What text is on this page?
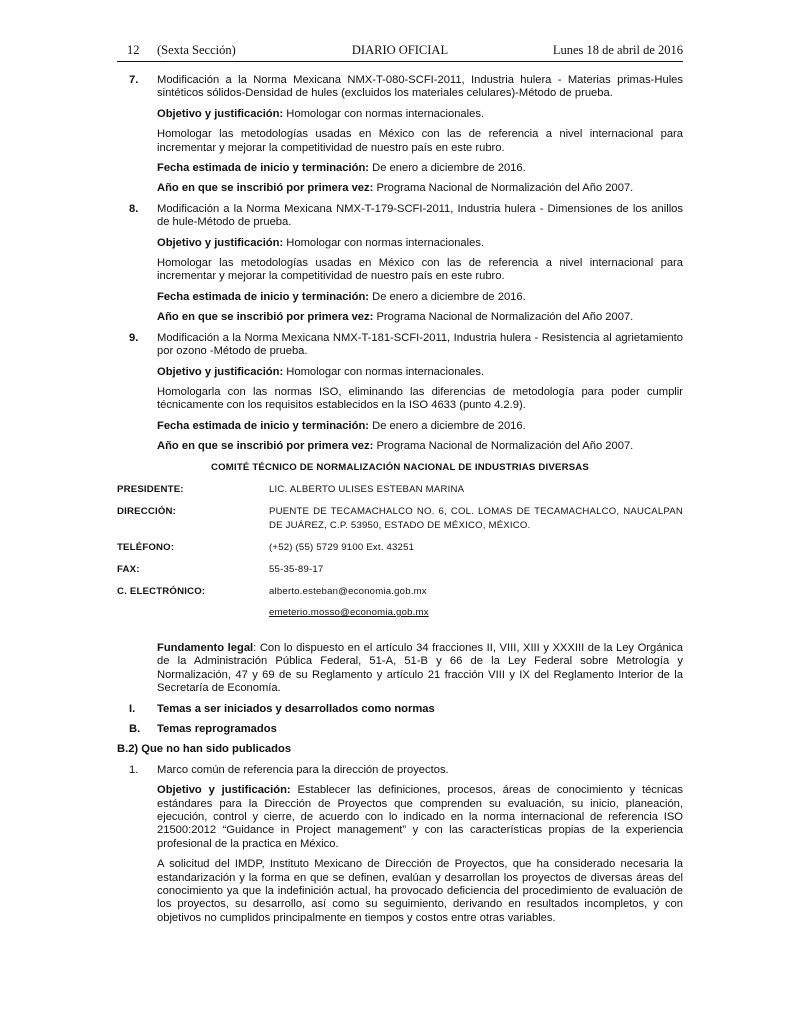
12 (Sexta Sección)	DIARIO OFICIAL	Lunes 18 de abril de 2016
7. Modificación a la Norma Mexicana NMX-T-080-SCFI-2011, Industria hulera - Materias primas-Hules sintéticos sólidos-Densidad de hules (excluidos los materiales celulares)-Método de prueba.

Objetivo y justificación: Homologar con normas internacionales.

Homologar las metodologías usadas en México con las de referencia a nivel internacional para incrementar y mejorar la competitividad de nuestro país en este rubro.

Fecha estimada de inicio y terminación: De enero a diciembre de 2016.

Año en que se inscribió por primera vez: Programa Nacional de Normalización del Año 2007.

8. Modificación a la Norma Mexicana NMX-T-179-SCFI-2011, Industria hulera - Dimensiones de los anillos de hule-Método de prueba.

Objetivo y justificación: Homologar con normas internacionales.

Homologar las metodologías usadas en México con las de referencia a nivel internacional para incrementar y mejorar la competitividad de nuestro país en este rubro.

Fecha estimada de inicio y terminación: De enero a diciembre de 2016.

Año en que se inscribió por primera vez: Programa Nacional de Normalización del Año 2007.

9. Modificación a la Norma Mexicana NMX-T-181-SCFI-2011, Industria hulera - Resistencia al agrietamiento por ozono -Método de prueba.

Objetivo y justificación: Homologar con normas internacionales.

Homologarla con las normas ISO, eliminando las diferencias de metodología para poder cumplir técnicamente con los requisitos establecidos en la ISO 4633 (punto 4.2.9).

Fecha estimada de inicio y terminación: De enero a diciembre de 2016.

Año en que se inscribió por primera vez: Programa Nacional de Normalización del Año 2007.

COMITÉ TÉCNICO DE NORMALIZACIÓN NACIONAL DE INDUSTRIAS DIVERSAS
PRESIDENTE:	LIC. ALBERTO ULISES ESTEBAN MARINA
DIRECCIÓN:	PUENTE DE TECAMACHALCO NO. 6, COL. LOMAS DE TECAMACHALCO, NAUCALPAN DE JUÁREZ, C.P. 53950, ESTADO DE MÉXICO, MÉXICO.
TELÉFONO:	(+52) (55) 5729 9100 Ext. 43251
FAX:	55-35-89-17
C. ELECTRÓNICO:	alberto.esteban@economia.gob.mx
emeterio.mosso@economia.gob.mx

Fundamento legal: Con lo dispuesto en el artículo 34 fracciones II, VIII, XIII y XXXIII de la Ley Orgánica de la Administración Pública Federal, 51-A, 51-B y 66 de la Ley Federal sobre Metrología y Normalización, 47 y 69 de su Reglamento y artículo 21 fracción VIII y IX del Reglamento Interior de la Secretaría de Economía.

I. Temas a ser iniciados y desarrollados como normas
B. Temas reprogramados
B.2) Que no han sido publicados
1. Marco común de referencia para la dirección de proyectos.

Objetivo y justificación: Establecer las definiciones, procesos, áreas de conocimiento y técnicas estándares para la Dirección de Proyectos que comprenden su evaluación, su inicio, planeación, ejecución, control y cierre, de acuerdo con lo indicado en la norma internacional de referencia ISO 21500:2012 “Guidance in Project management” y con las características propias de la experiencia profesional de la practica en México.

A solicitud del IMDP, Instituto Mexicano de Dirección de Proyectos, que ha considerado necesaria la estandarización y la forma en que se definen, evalúan y desarrollan los proyectos de diversas áreas del conocimiento ya que la indefinición actual, ha provocado deficiencia del procedimiento de evaluación de los proyectos, su desarrollo, así como su seguimiento, derivando en resultados incompletos, y con objetivos no cumplidos principalmente en tiempos y costos entre otras variables.
